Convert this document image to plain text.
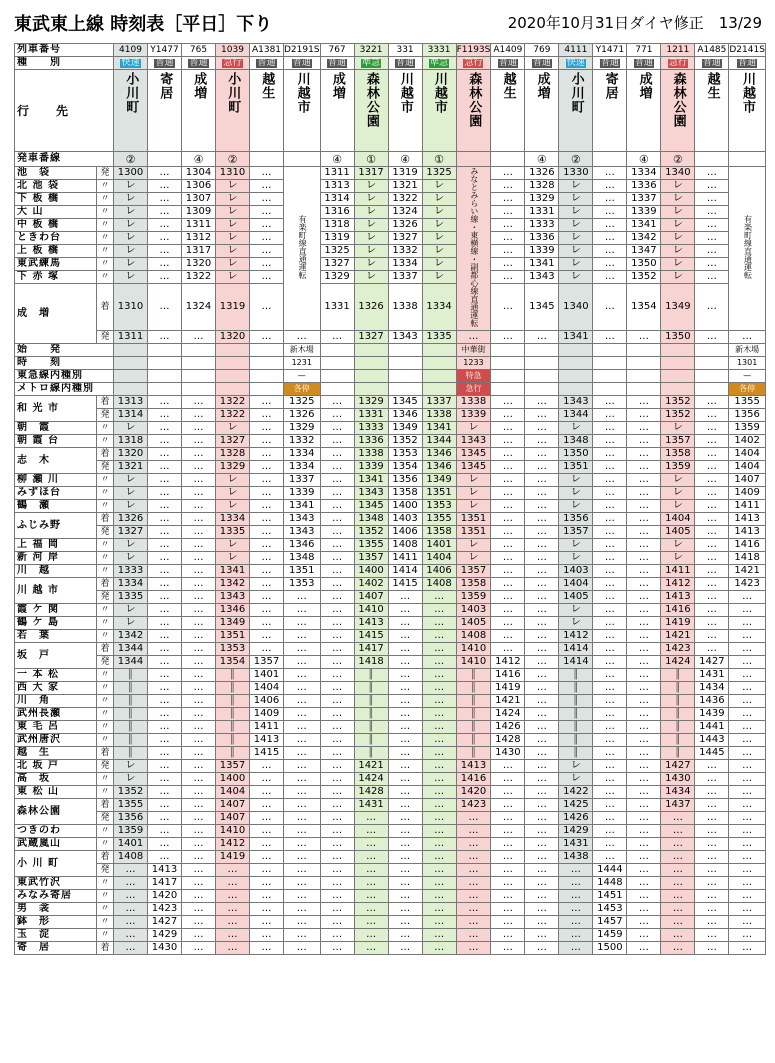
東武東上線 時刻表［平日］下り	2020年10月31日ダイヤ修正　13/29
列車番号		4109	Y1477	765	1039	A1381	D2191S	767	3221	331	3331	F1193S	A1409	769	4111	Y1471	771	1211	A1485	D2141S
種　　別		快速	普通	普通	急行	普通	普通	普通	準急	普通	準急	急行	普通	普通	快速	普通	普通	急行	普通	普通
行　　先		小川町	寄居	成増	小川町	越生	川越市	成増	森林公園	川越市	川越市	森林公園	越生	成増	小川町	寄居	成増	森林公園	越生	川越市
発車番線		②		④	②			④	①	④	①			④	②		④	②		
池　袋	発	1300	…	1304	1310	…	有楽町線直通運転	1311	1317	1319	1325	みなとみらい線・東横線・副都心線直通運転	…	1326	1330	…	1334	1340	…	有楽町線直通運転
北 池 袋	〃	レ	…	1306	レ	…		1313	レ	1321	レ		…	1328	レ	…	1336	レ	…	
下 板 橋	〃	レ	…	1307	レ	…		1314	レ	1322	レ		…	1329	レ	…	1337	レ	…	
大 山	〃	レ	…	1309	レ	…		1316	レ	1324	レ		…	1331	レ	…	1339	レ	…	
中 板 橋	〃	レ	…	1311	レ	…		1318	レ	1326	レ		…	1333	レ	…	1341	レ	…	
ときわ台	〃	レ	…	1312	レ	…		1319	レ	1327	レ		…	1336	レ	…	1342	レ	…	
上 板 橋	〃	レ	…	1317	レ	…		1325	レ	1332	レ		…	1339	レ	…	1347	レ	…	
東武練馬	〃	レ	…	1320	レ	…		1327	レ	1334	レ		…	1341	レ	…	1350	レ	…	
下 赤 塚	〃	レ	…	1322	レ	…		1329	レ	1337	レ		…	1343	レ	…	1352	レ	…	
成　増	着	1310	…	1324	1319	…		1331	1326	1338	1334		…	1345	1340	…	1354	1349	…	
	発	1311	…	…	1320	…	…	…	1327	1343	1335	…	…	…	1341	…	…	1350	…	…
始　　発							新木場					中華街								新木場
時　　刻							1231					1233								1301
東急線内種別							—					特急								—
メトロ線内種別							各停					急行								各停
和 光 市	着	1313	…	…	1322	…	1325	…	1329	1345	1337	1338	…	…	1343	…	…	1352	…	1355
	発	1314	…	…	1322	…	1326	…	1331	1346	1338	1339	…	…	1344	…	…	1352	…	1356
朝　霞	〃	レ	…	…	レ	…	1329	…	1333	1349	1341	レ	…	…	レ	…	…	レ	…	1359
朝 霞 台	〃	1318	…	…	1327	…	1332	…	1336	1352	1344	1343	…	…	1348	…	…	1357	…	1402
志　木	着	1320	…	…	1328	…	1334	…	1338	1353	1346	1345	…	…	1350	…	…	1358	…	1404
	発	1321	…	…	1329	…	1334	…	1339	1354	1346	1345	…	…	1351	…	…	1359	…	1404
柳 瀬 川	〃	レ	…	…	レ	…	1337	…	1341	1356	1349	レ	…	…	レ	…	…	レ	…	1407
みずほ台	〃	レ	…	…	レ	…	1339	…	1343	1358	1351	レ	…	…	レ	…	…	レ	…	1409
鶴　瀬	〃	レ	…	…	レ	…	1341	…	1345	1400	1353	レ	…	…	レ	…	…	レ	…	1411
ふじみ野	着	1326	…	…	1334	…	1343	…	1348	1403	1355	1351	…	…	1356	…	…	1404	…	1413
	発	1327	…	…	1335	…	1343	…	1352	1406	1358	1351	…	…	1357	…	…	1405	…	1413
上 福 岡	〃	レ	…	…	レ	…	1346	…	1355	1408	1401	レ	…	…	レ	…	…	レ	…	1416
新 河 岸	〃	レ	…	…	レ	…	1348	…	1357	1411	1404	レ	…	…	レ	…	…	レ	…	1418
川　越	〃	1333	…	…	1341	…	1351	…	1400	1414	1406	1357	…	…	1403	…	…	1411	…	1421
川 越 市	着	1334	…	…	1342	…	1353	…	1402	1415	1408	1358	…	…	1404	…	…	1412	…	1423
	発	1335	…	…	1343	…	…	…	1407	…	…	1359	…	…	1405	…	…	1413	…	…
霞 ケ 関	〃	レ	…	…	1346	…	…	…	1410	…	…	1403	…	…	レ	…	…	1416	…	…
鶴 ケ 島	〃	レ	…	…	1349	…	…	…	1413	…	…	1405	…	…	レ	…	…	1419	…	…
若　葉	〃	1342	…	…	1351	…	…	…	1415	…	…	1408	…	…	1412	…	…	1421	…	…
坂　戸	着	1344	…	…	1353	…	…	…	1417	…	…	1410	…	…	1414	…	…	1423	…	…
	発	1344	…	…	1354	1357	…	…	1418	…	…	1410	1412	…	1414	…	…	1424	1427	…
一 本 松	〃	║	…	…	║	1401	…	…	║	…	…	║	1416	…	║	…	…	║	1431	…
西 大 家	〃	║	…	…	║	1404	…	…	║	…	…	║	1419	…	║	…	…	║	1434	…
川　角	〃	║	…	…	║	1406	…	…	║	…	…	║	1421	…	║	…	…	║	1436	…
武州長瀬	〃	║	…	…	║	1409	…	…	║	…	…	║	1424	…	║	…	…	║	1439	…
東 毛 呂	〃	║	…	…	║	1411	…	…	║	…	…	║	1426	…	║	…	…	║	1441	…
武州唐沢	〃	║	…	…	║	1413	…	…	║	…	…	║	1428	…	║	…	…	║	1443	…
越　生	着	║	…	…	║	1415	…	…	║	…	…	║	1430	…	║	…	…	║	1445	…
北 坂 戸	発	レ	…	…	1357	…	…	…	1421	…	…	1413	…	…	レ	…	…	1427	…	…
高　坂	〃	レ	…	…	1400	…	…	…	1424	…	…	1416	…	…	レ	…	…	1430	…	…
東 松 山	〃	1352	…	…	1404	…	…	…	1428	…	…	1420	…	…	1422	…	…	1434	…	…
森林公園	着	1355	…	…	1407	…	…	…	1431	…	…	1423	…	…	1425	…	…	1437	…	…
	発	1356	…	…	1407	…	…	…	…	…	…	…	…	…	1426	…	…	…	…	…
つきのわ	〃	1359	…	…	1410	…	…	…	…	…	…	…	…	…	1429	…	…	…	…	…
武蔵嵐山	〃	1401	…	…	1412	…	…	…	…	…	…	…	…	…	1431	…	…	…	…	…
小 川 町	着	1408	…	…	1419	…	…	…	…	…	…	…	…	…	1438	…	…	…	…	…
	発	…	1413	…	…	…	…	…	…	…	…	…	…	…	…	1444	…	…	…	…
東武竹沢	〃	…	1417	…	…	…	…	…	…	…	…	…	…	…	…	1448	…	…	…	…
みなみ寄居	〃	…	1420	…	…	…	…	…	…	…	…	…	…	…	…	1451	…	…	…	…
男　衾	〃	…	1423	…	…	…	…	…	…	…	…	…	…	…	…	1453	…	…	…	…
鉢　形	〃	…	1427	…	…	…	…	…	…	…	…	…	…	…	…	1457	…	…	…	…
玉　淀	〃	…	1429	…	…	…	…	…	…	…	…	…	…	…	…	1459	…	…	…	…
寄　居	着	…	1430	…	…	…	…	…	…	…	…	…	…	…	…	1500	…	…	…	…
